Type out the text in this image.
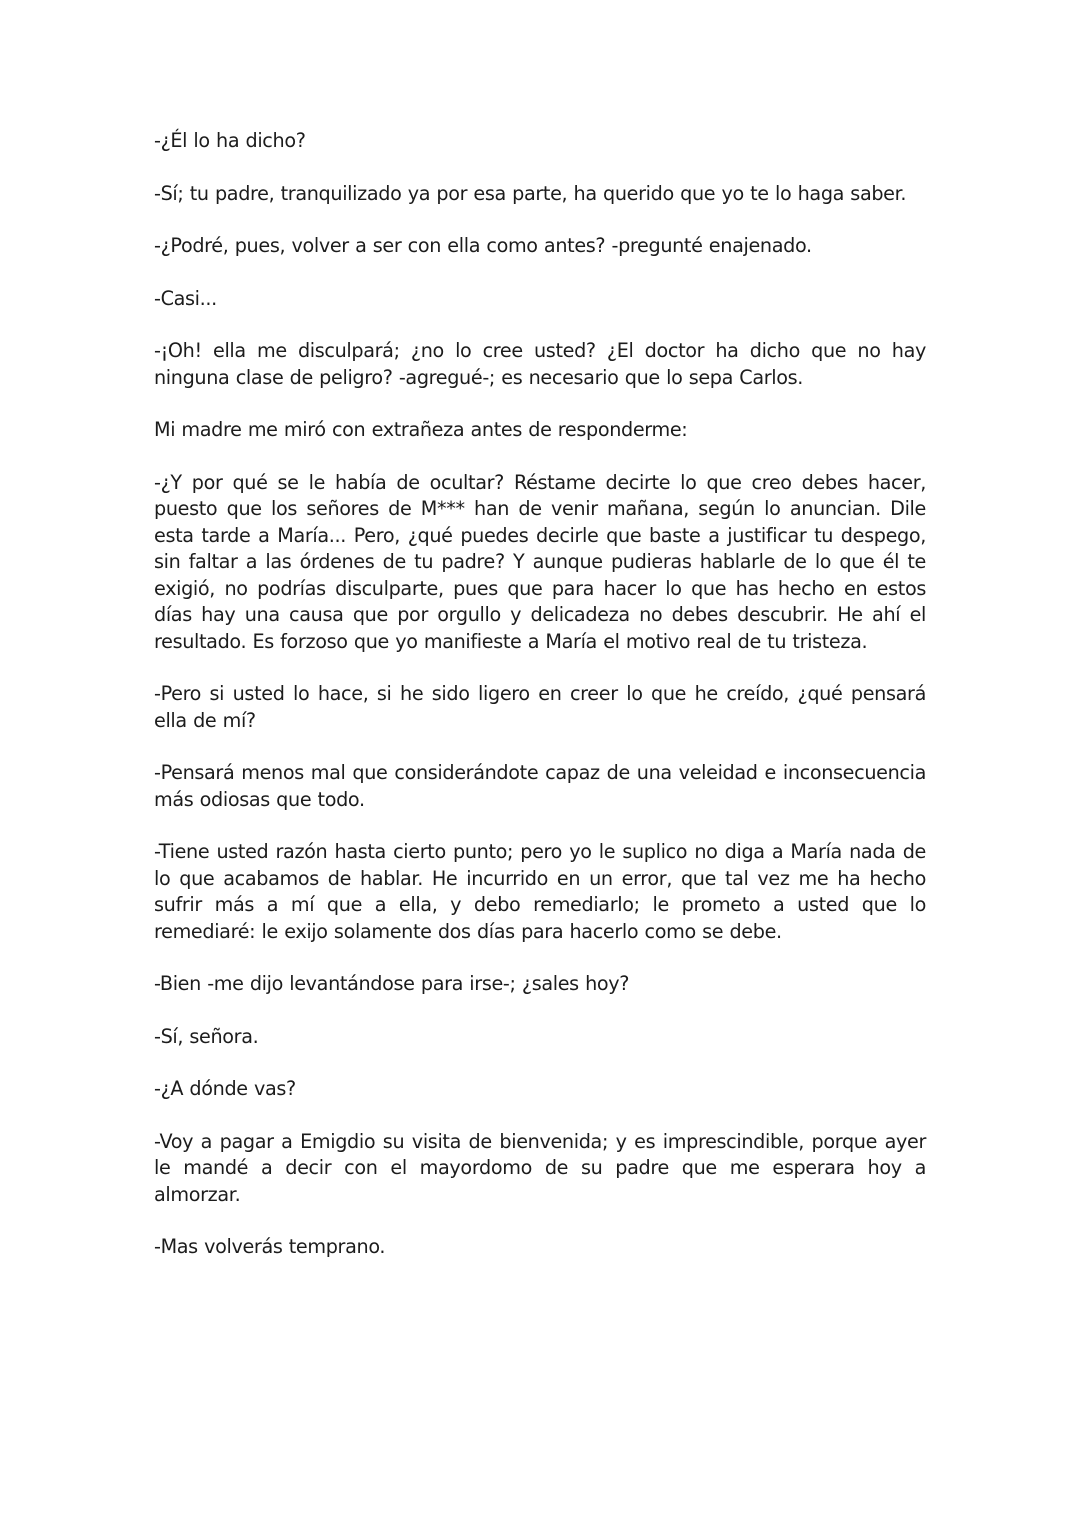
-¿Él lo ha dicho?

-Sí; tu padre, tranquilizado ya por esa parte, ha querido que yo te lo haga saber.

-¿Podré, pues, volver a ser con ella como antes? -pregunté enajenado.

-Casi...

-¡Oh! ella me disculpará; ¿no lo cree usted? ¿El doctor ha dicho que no hay ninguna clase de peligro? -agregué-; es necesario que lo sepa Carlos.

Mi madre me miró con extrañeza antes de responderme:

-¿Y por qué se le había de ocultar? Réstame decirte lo que creo debes hacer, puesto que los señores de M*** han de venir mañana, según lo anuncian. Dile esta tarde a María... Pero, ¿qué puedes decirle que baste a justificar tu despego, sin faltar a las órdenes de tu padre? Y aunque pudieras hablarle de lo que él te exigió, no podrías disculparte, pues que para hacer lo que has hecho en estos días hay una causa que por orgullo y delicadeza no debes descubrir. He ahí el resultado. Es forzoso que yo manifieste a María el motivo real de tu tristeza.

-Pero si usted lo hace, si he sido ligero en creer lo que he creído, ¿qué pensará ella de mí?

-Pensará menos mal que considerándote capaz de una veleidad e inconsecuencia más odiosas que todo.

-Tiene usted razón hasta cierto punto; pero yo le suplico no diga a María nada de lo que acabamos de hablar. He incurrido en un error, que tal vez me ha hecho sufrir más a mí que a ella, y debo remediarlo; le prometo a usted que lo remediaré: le exijo solamente dos días para hacerlo como se debe.

-Bien -me dijo levantándose para irse-; ¿sales hoy?

-Sí, señora.

-¿A dónde vas?

-Voy a pagar a Emigdio su visita de bienvenida; y es imprescindible, porque ayer le mandé a decir con el mayordomo de su padre que me esperara hoy a almorzar.

-Mas volverás temprano.
